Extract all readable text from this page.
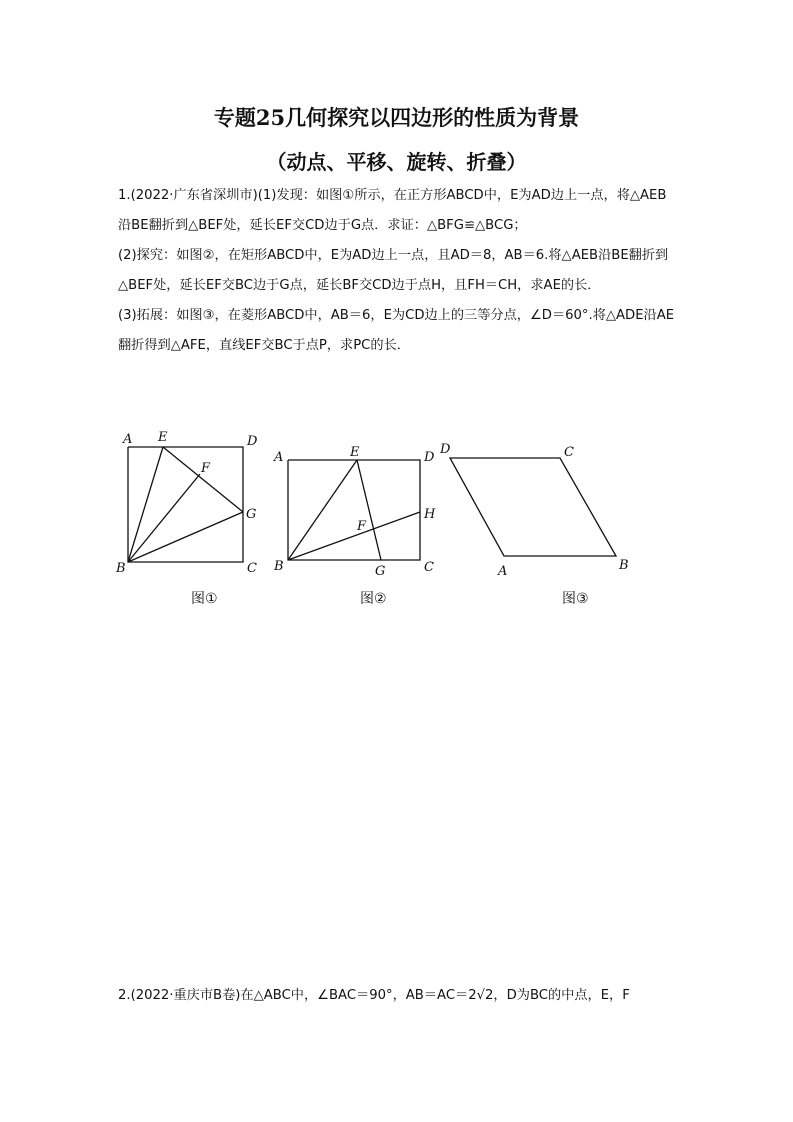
专题25几何探究以四边形的性质为背景
（动点、平移、旋转、折叠）

1.(2022·广东省深圳市)(1)发现：如图①所示，在正方形ABCD中，E为AD边上一点，将△AEB沿BE翻折到△BEF处，延长EF交CD边于G点．求证：△BFG≌△BCG；

(2)探究：如图②，在矩形ABCD中，E为AD边上一点，且AD＝8，AB＝6.将△AEB沿BE翻折到△BEF处，延长EF交BC边于G点，延长BF交CD边于点H，且FH＝CH，求AE的长．

(3)拓展：如图③，在菱形ABCD中，AB＝6，E为CD边上的三等分点，∠D＝60°.将△ADE沿AE翻折得到△AFE，直线EF交BC于点P，求PC的长．

A E	D
F
G
B	C
图①
A	E	D
H
F
B	G	C
图②
D	C
A	B
图③

2.(2022·重庆市B卷)在△ABC中，∠BAC＝90°，AB＝AC＝2√2，D为BC的中点，E，F
